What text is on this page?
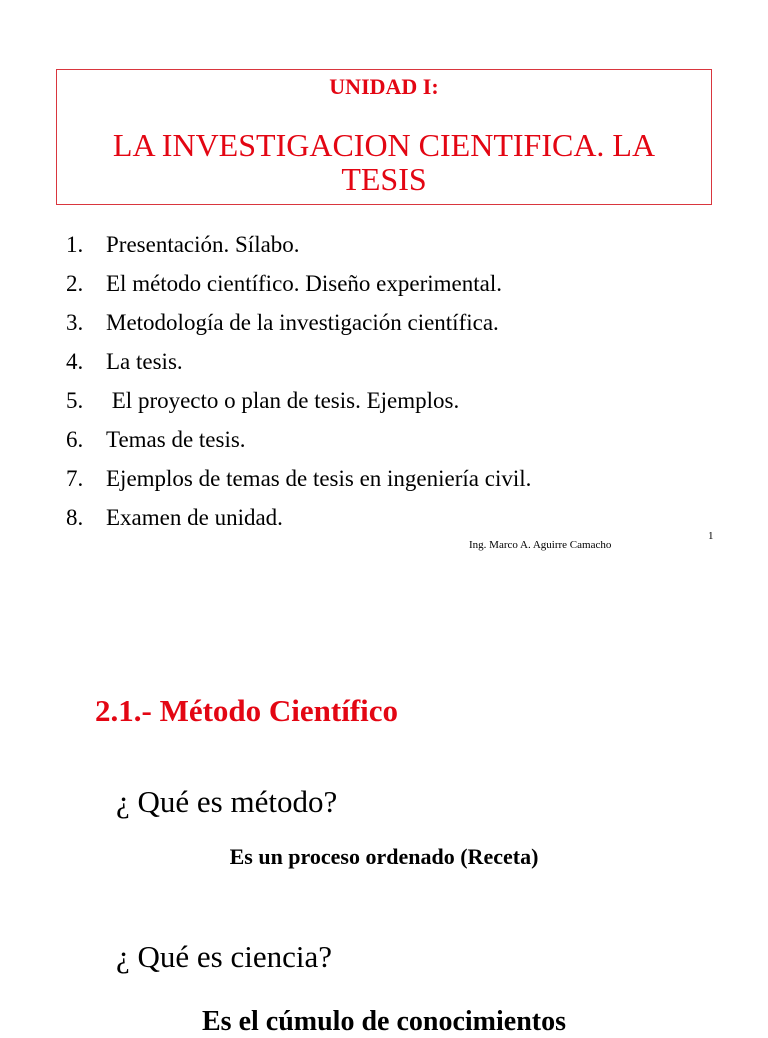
UNIDAD I:
LA INVESTIGACION CIENTIFICA. LA
TESIS
1. Presentación. Sílabo.
2. El método científico. Diseño experimental.
3. Metodología de la investigación científica.
4. La tesis.
5. El proyecto o plan de tesis. Ejemplos.
6. Temas de tesis.
7. Ejemplos de temas de tesis en ingeniería civil.
8. Examen de unidad.
Ing. Marco A. Aguirre Camacho
1
2.1.- Método Científico
¿ Qué es método?
Es un proceso ordenado (Receta)
¿ Qué es ciencia?
Es el cúmulo de conocimientos
